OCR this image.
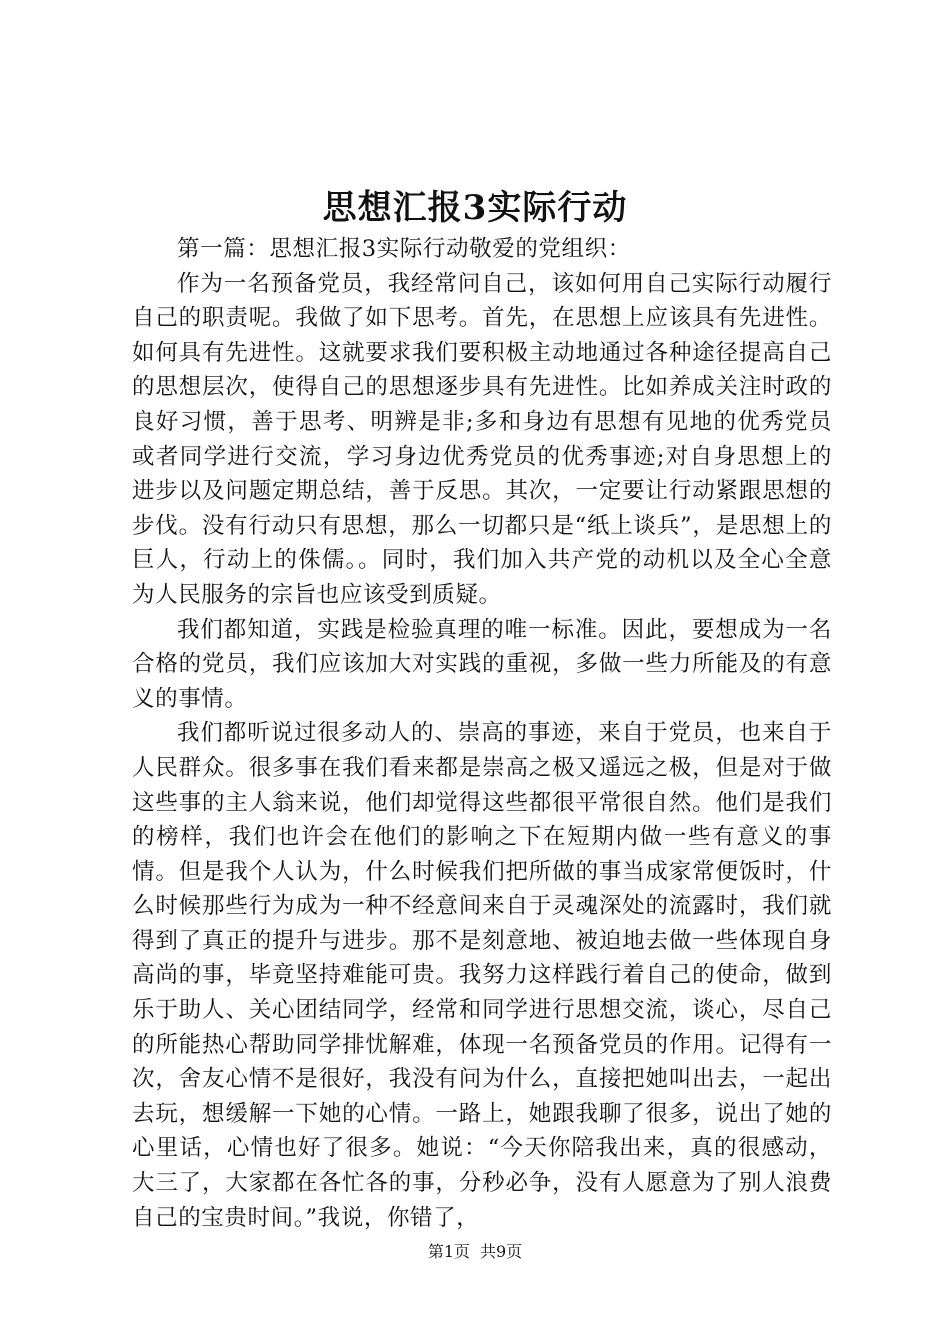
思想汇报3实际行动

第一篇：思想汇报3实际行动敬爱的党组织：

作为一名预备党员，我经常问自己，该如何用自己实际行动履行自己的职责呢。我做了如下思考。首先，在思想上应该具有先进性。如何具有先进性。这就要求我们要积极主动地通过各种途径提高自己的思想层次，使得自己的思想逐步具有先进性。比如养成关注时政的良好习惯，善于思考、明辨是非;多和身边有思想有见地的优秀党员或者同学进行交流，学习身边优秀党员的优秀事迹;对自身思想上的进步以及问题定期总结，善于反思。其次，一定要让行动紧跟思想的步伐。没有行动只有思想，那么一切都只是“纸上谈兵”，是思想上的巨人，行动上的侏儒。。同时，我们加入共产党的动机以及全心全意为人民服务的宗旨也应该受到质疑。

我们都知道，实践是检验真理的唯一标准。因此，要想成为一名合格的党员，我们应该加大对实践的重视，多做一些力所能及的有意义的事情。

我们都听说过很多动人的、崇高的事迹，来自于党员，也来自于人民群众。很多事在我们看来都是崇高之极又遥远之极，但是对于做这些事的主人翁来说，他们却觉得这些都很平常很自然。他们是我们的榜样，我们也许会在他们的影响之下在短期内做一些有意义的事情。但是我个人认为，什么时候我们把所做的事当成家常便饭时，什么时候那些行为成为一种不经意间来自于灵魂深处的流露时，我们就得到了真正的提升与进步。那不是刻意地、被迫地去做一些体现自身高尚的事，毕竟坚持难能可贵。我努力这样践行着自己的使命，做到乐于助人、关心团结同学，经常和同学进行思想交流，谈心，尽自己的所能热心帮助同学排忧解难，体现一名预备党员的作用。记得有一次，舍友心情不是很好，我没有问为什么，直接把她叫出去，一起出去玩，想缓解一下她的心情。一路上，她跟我聊了很多，说出了她的心里话，心情也好了很多。她说：“今天你陪我出来，真的很感动，大三了，大家都在各忙各的事，分秒必争，没有人愿意为了别人浪费自己的宝贵时间。”我说，你错了，

第1页 共9页
